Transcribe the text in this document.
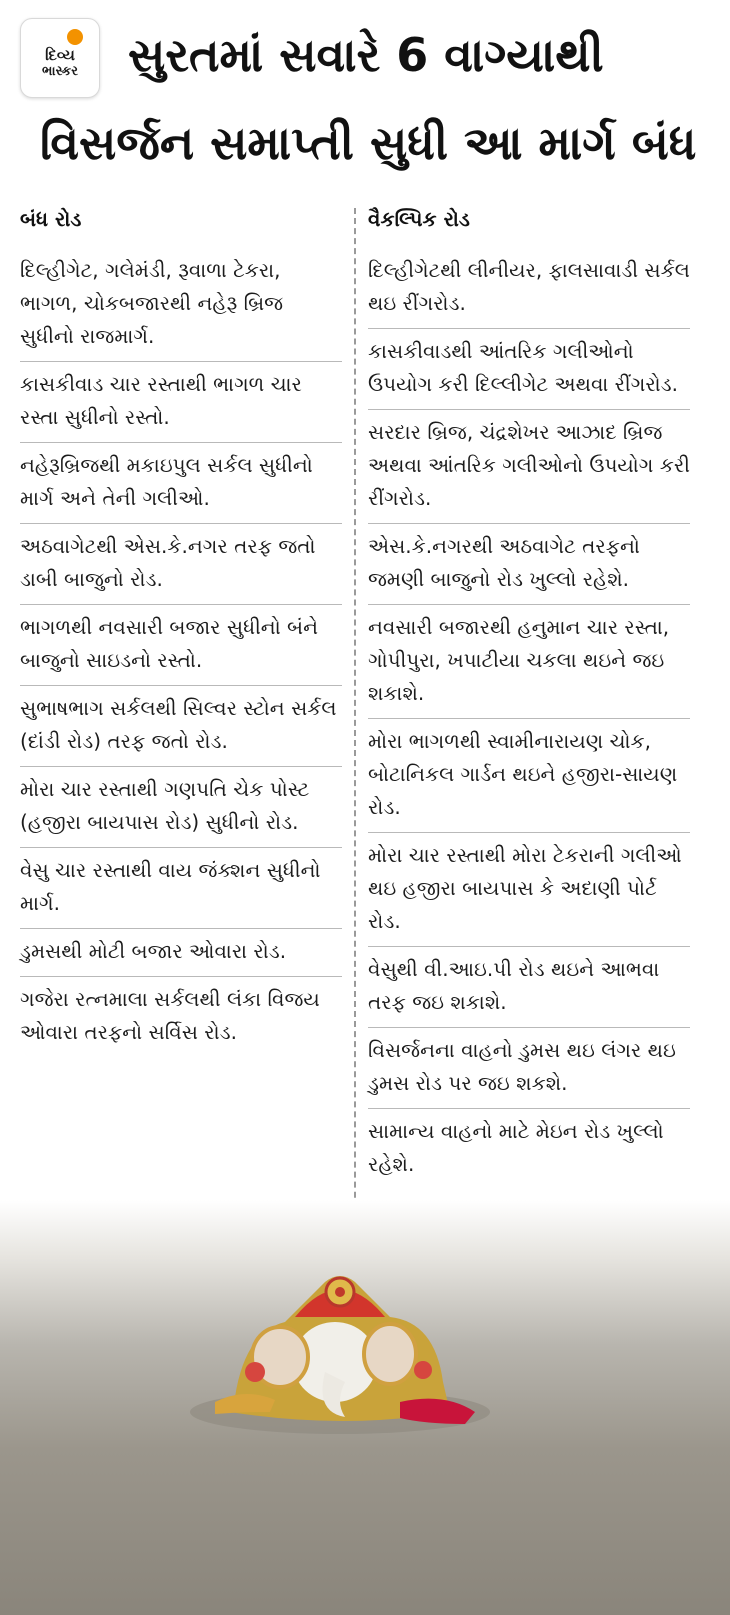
દિવ્ય
ભાસ્કર સુરતમાં સવારે 6 વાગ્યાથી
વિસર્જન સમાપ્તી સુધી આ માર્ગ બંધ
બંધ રોડ
દિલ્હીગેટ, ગલેમંડી, રૂવાળા ટેકરા, ભાગળ, ચોકબજારથી નહેરૂ બ્રિજ સુધીનો રાજમાર્ગ.
કાસકીવાડ ચાર રસ્તાથી ભાગળ ચાર રસ્તા સુધીનો રસ્તો.
નહેરૂબ્રિજથી મકાઇપુલ સર્કલ સુધીનો માર્ગ અને તેની ગલીઓ.
અઠવાગેટથી એસ.કે.નગર તરફ જતો ડાબી બાજુનો રોડ.
ભાગળથી નવસારી બજાર સુધીનો બંને બાજુનો સાઇડનો રસ્તો.
સુભાષભાગ સર્કલથી સિલ્વર સ્ટોન સર્કલ (દાંડી રોડ) તરફ જતો રોડ.
મોરા ચાર રસ્તાથી ગણપતિ ચેક પોસ્ટ (હજીરા બાયપાસ રોડ) સુધીનો રોડ.
વેસુ ચાર રસ્તાથી વાય જંક્શન સુધીનો માર્ગ.
ડુમસથી મોટી બજાર ઓવારા રોડ.
ગજેરા રત્નમાલા સર્કલથી લંકા વિજય ઓવારા તરફનો સર્વિસ રોડ.
વૈકલ્પિક રોડ
દિલ્હીગેટથી લીનીયર, ફાલસાવાડી સર્કલ થઇ રીંગરોડ.
કાસકીવાડથી આંતરિક ગલીઓનો ઉપયોગ કરી દિલ્લીગેટ અથવા રીંગરોડ.
સરદાર બ્રિજ, ચંદ્રશેખર આઝાદ બ્રિજ અથવા આંતરિક ગલીઓનો ઉપયોગ કરી રીંગરોડ.
એસ.કે.નગરથી અઠવાગેટ તરફનો જમણી બાજુનો રોડ ખુલ્લો રહેશે.
નવસારી બજારથી હનુમાન ચાર રસ્તા, ગોપીપુરા, ખપાટીયા ચકલા થઇને જઇ શકાશે.
મોરા ભાગળથી સ્વામીનારાયણ ચોક, બોટાનિકલ ગાર્ડન થઇને હજીરા-સાયણ રોડ.
મોરા ચાર રસ્તાથી મોરા ટેકરાની ગલીઓ થઇ હજીરા બાયપાસ કે અદાણી પોર્ટ રોડ.
વેસુથી વી.આઇ.પી રોડ થઇને આભવા તરફ જઇ શકાશે.
વિસર્જનના વાહનો ડુમસ થઇ લંગર થઇ ડુમસ રોડ પર જઇ શકશે.
સામાન્ય વાહનો માટે મેઇન રોડ ખુલ્લો રહેશે.
